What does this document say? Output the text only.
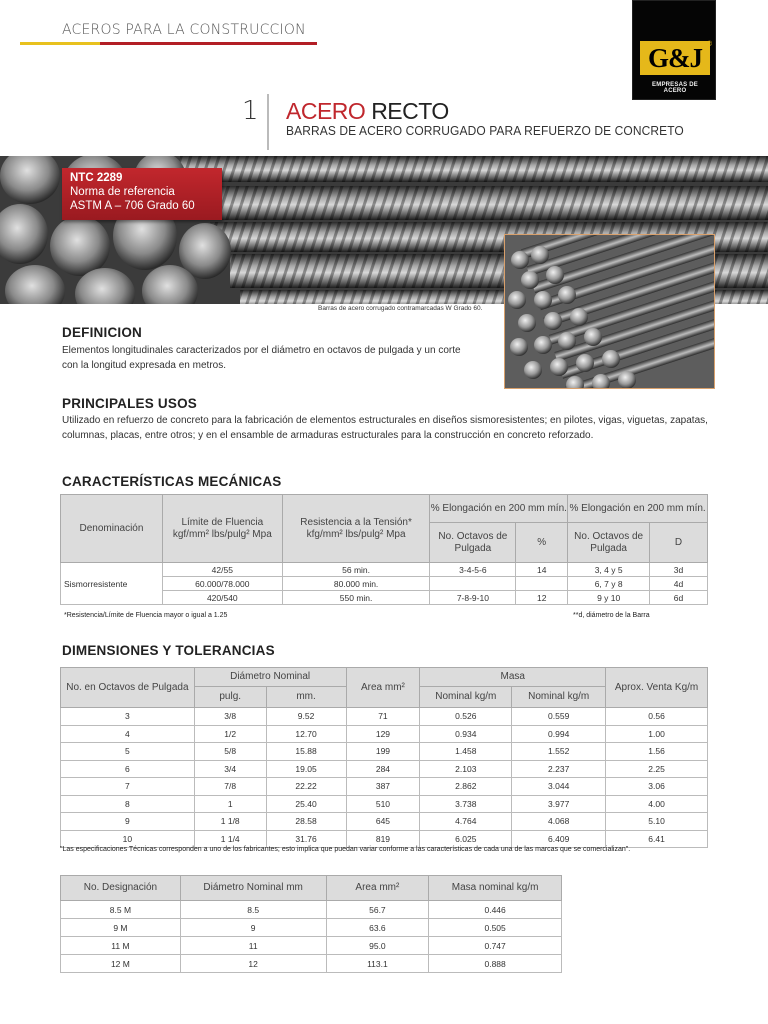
ACEROS PARA LA CONSTRUCCION
G&J ®
EMPRESAS DE ACERO
1 ACERO RECTO
BARRAS DE ACERO CORRUGADO PARA REFUERZO DE CONCRETO
NTC 2289
Norma de referencia
ASTM A – 706 Grado 60
Barras de acero corrugado contramarcadas W Grado 60.
DEFINICION
Elementos longitudinales caracterizados por el diámetro en octavos de pulgada y un corte con la longitud expresada en metros.
PRINCIPALES USOS
Utilizado en refuerzo de concreto para la fabricación de elementos estructurales en diseños sismoresistentes; en pilotes, vigas, viguetas, zapatas, columnas, placas, entre otros; y en el ensamble de armaduras estructurales para la construcción en concreto reforzado.
CARACTERÍSTICAS MECÁNICAS
Denominación	Límite de Fluencia kgf/mm² lbs/pulg² Mpa	Resistencia a la Tensión* kfg/mm² lbs/pulg² Mpa	% Elongación en 200 mm mín.		% Elongación en 200 mm mín.	
			No. Octavos de Pulgada	%	No. Octavos de Pulgada	D
Sismorresistente	42/55	56 min.	3-4-5-6	14	3, 4 y 5	3d
	60.000/78.000	80.000 min.			6, 7 y 8	4d
	420/540	550 min.	7-8-9-10	12	9 y 10	6d
*Resistencia/Límite de Fluencia mayor o igual a 1.25	**d, diámetro de la Barra
DIMENSIONES Y TOLERANCIAS
No. en Octavos de Pulgada	Diámetro Nominal		Area mm²	Masa		Aprox. Venta Kg/m
	pulg.	mm.		Nominal kg/m	Nominal kg/m	
3	3/8	9.52	71	0.526	0.559	0.56
4	1/2	12.70	129	0.934	0.994	1.00
5	5/8	15.88	199	1.458	1.552	1.56
6	3/4	19.05	284	2.103	2.237	2.25
7	7/8	22.22	387	2.862	3.044	3.06
8	1	25.40	510	3.738	3.977	4.00
9	1 1/8	28.58	645	4.764	4.068	5.10
10	1 1/4	31.76	819	6.025	6.409	6.41
"Las especificaciones Técnicas corresponden a uno de los fabricantes; esto implica que puedan variar conforme a las características de cada una de las marcas que se comercializan".
No. Designación	Diámetro Nominal mm	Area mm²	Masa nominal kg/m
8.5 M	8.5	56.7	0.446
9 M	9	63.6	0.505
11 M	11	95.0	0.747
12 M	12	113.1	0.888
